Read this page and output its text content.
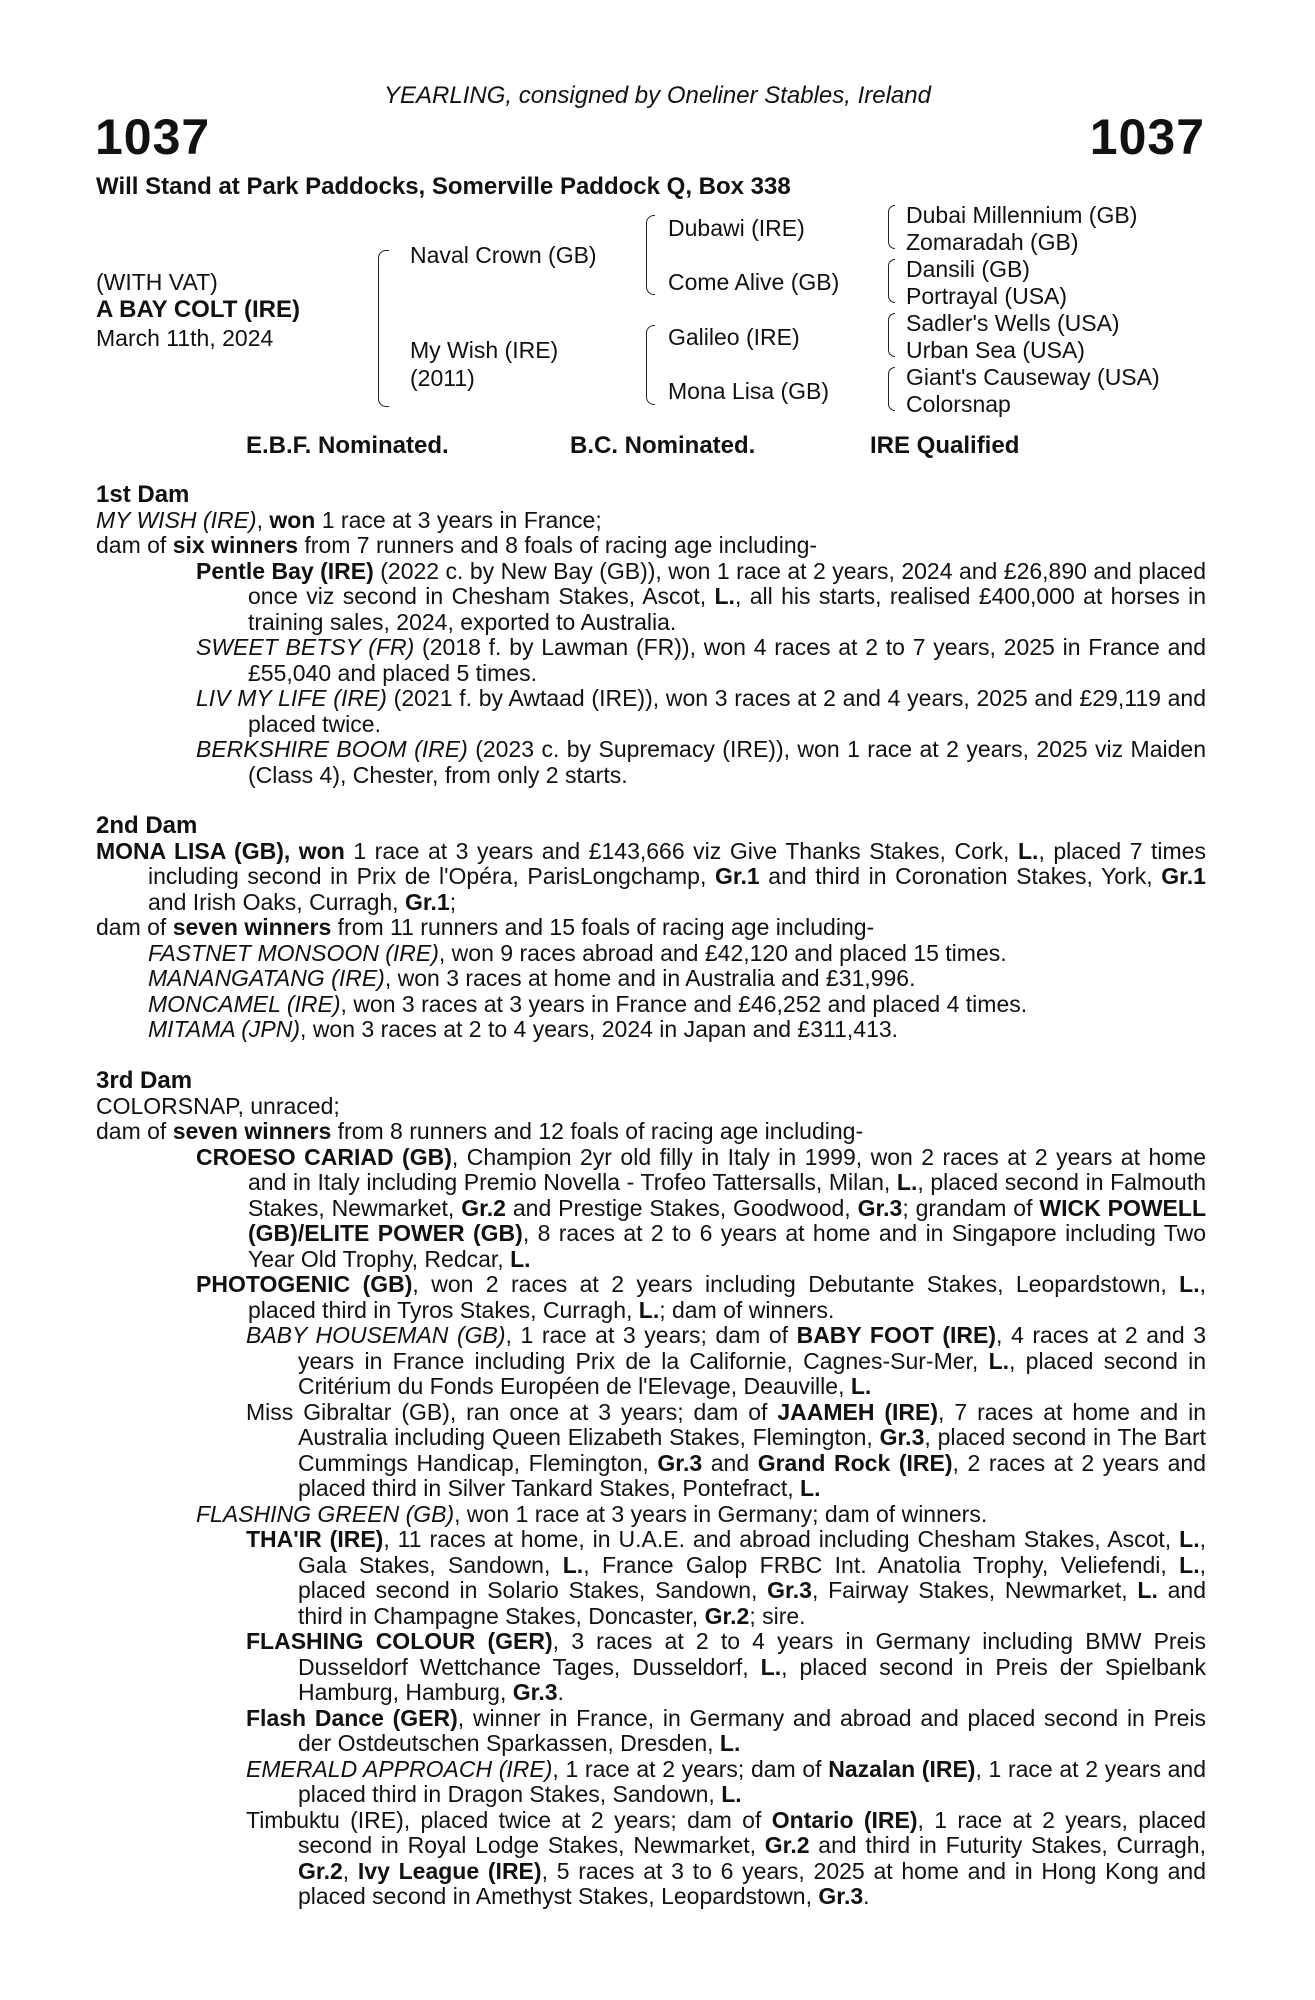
YEARLING, consigned by Oneliner Stables, Ireland
1037	1037
Will Stand at Park Paddocks, Somerville Paddock Q, Box 338
(WITH VAT)
A BAY COLT (IRE)
March 11th, 2024
Naval Crown (GB)
My Wish (IRE)
(2011)
Dubawi (IRE)
Come Alive (GB)
Galileo (IRE)
Mona Lisa (GB)
Dubai Millennium (GB)
Zomaradah (GB)
Dansili (GB)
Portrayal (USA)
Sadler's Wells (USA)
Urban Sea (USA)
Giant's Causeway (USA)
Colorsnap
E.B.F. Nominated.	B.C. Nominated.	IRE Qualified

1st Dam

MY WISH (IRE), won 1 race at 3 years in France;

dam of six winners from 7 runners and 8 foals of racing age including-

Pentle Bay (IRE) (2022 c. by New Bay (GB)), won 1 race at 2 years, 2024 and £26,890 and placed once viz second in Chesham Stakes, Ascot, L., all his starts, realised £400,000 at horses in training sales, 2024, exported to Australia.

SWEET BETSY (FR) (2018 f. by Lawman (FR)), won 4 races at 2 to 7 years, 2025 in France and £55,040 and placed 5 times.

LIV MY LIFE (IRE) (2021 f. by Awtaad (IRE)), won 3 races at 2 and 4 years, 2025 and £29,119 and placed twice.

BERKSHIRE BOOM (IRE) (2023 c. by Supremacy (IRE)), won 1 race at 2 years, 2025 viz Maiden (Class 4), Chester, from only 2 starts.

2nd Dam

MONA LISA (GB), won 1 race at 3 years and £143,666 viz Give Thanks Stakes, Cork, L., placed 7 times including second in Prix de l'Opéra, ParisLongchamp, Gr.1 and third in Coronation Stakes, York, Gr.1 and Irish Oaks, Curragh, Gr.1;

dam of seven winners from 11 runners and 15 foals of racing age including-

FASTNET MONSOON (IRE), won 9 races abroad and £42,120 and placed 15 times.

MANANGATANG (IRE), won 3 races at home and in Australia and £31,996.

MONCAMEL (IRE), won 3 races at 3 years in France and £46,252 and placed 4 times.

MITAMA (JPN), won 3 races at 2 to 4 years, 2024 in Japan and £311,413.

3rd Dam

COLORSNAP, unraced;

dam of seven winners from 8 runners and 12 foals of racing age including-

CROESO CARIAD (GB), Champion 2yr old filly in Italy in 1999, won 2 races at 2 years at home and in Italy including Premio Novella - Trofeo Tattersalls, Milan, L., placed second in Falmouth Stakes, Newmarket, Gr.2 and Prestige Stakes, Goodwood, Gr.3; grandam of WICK POWELL (GB)/ELITE POWER (GB), 8 races at 2 to 6 years at home and in Singapore including Two Year Old Trophy, Redcar, L.

PHOTOGENIC (GB), won 2 races at 2 years including Debutante Stakes, Leopardstown, L., placed third in Tyros Stakes, Curragh, L.; dam of winners.

BABY HOUSEMAN (GB), 1 race at 3 years; dam of BABY FOOT (IRE), 4 races at 2 and 3 years in France including Prix de la Californie, Cagnes-Sur-Mer, L., placed second in Critérium du Fonds Européen de l'Elevage, Deauville, L.

Miss Gibraltar (GB), ran once at 3 years; dam of JAAMEH (IRE), 7 races at home and in Australia including Queen Elizabeth Stakes, Flemington, Gr.3, placed second in The Bart Cummings Handicap, Flemington, Gr.3 and Grand Rock (IRE), 2 races at 2 years and placed third in Silver Tankard Stakes, Pontefract, L.

FLASHING GREEN (GB), won 1 race at 3 years in Germany; dam of winners.

THA'IR (IRE), 11 races at home, in U.A.E. and abroad including Chesham Stakes, Ascot, L., Gala Stakes, Sandown, L., France Galop FRBC Int. Anatolia Trophy, Veliefendi, L., placed second in Solario Stakes, Sandown, Gr.3, Fairway Stakes, Newmarket, L. and third in Champagne Stakes, Doncaster, Gr.2; sire.

FLASHING COLOUR (GER), 3 races at 2 to 4 years in Germany including BMW Preis Dusseldorf Wettchance Tages, Dusseldorf, L., placed second in Preis der Spielbank Hamburg, Hamburg, Gr.3.

Flash Dance (GER), winner in France, in Germany and abroad and placed second in Preis der Ostdeutschen Sparkassen, Dresden, L.

EMERALD APPROACH (IRE), 1 race at 2 years; dam of Nazalan (IRE), 1 race at 2 years and placed third in Dragon Stakes, Sandown, L.

Timbuktu (IRE), placed twice at 2 years; dam of Ontario (IRE), 1 race at 2 years, placed second in Royal Lodge Stakes, Newmarket, Gr.2 and third in Futurity Stakes, Curragh, Gr.2, Ivy League (IRE), 5 races at 3 to 6 years, 2025 at home and in Hong Kong and placed second in Amethyst Stakes, Leopardstown, Gr.3.
